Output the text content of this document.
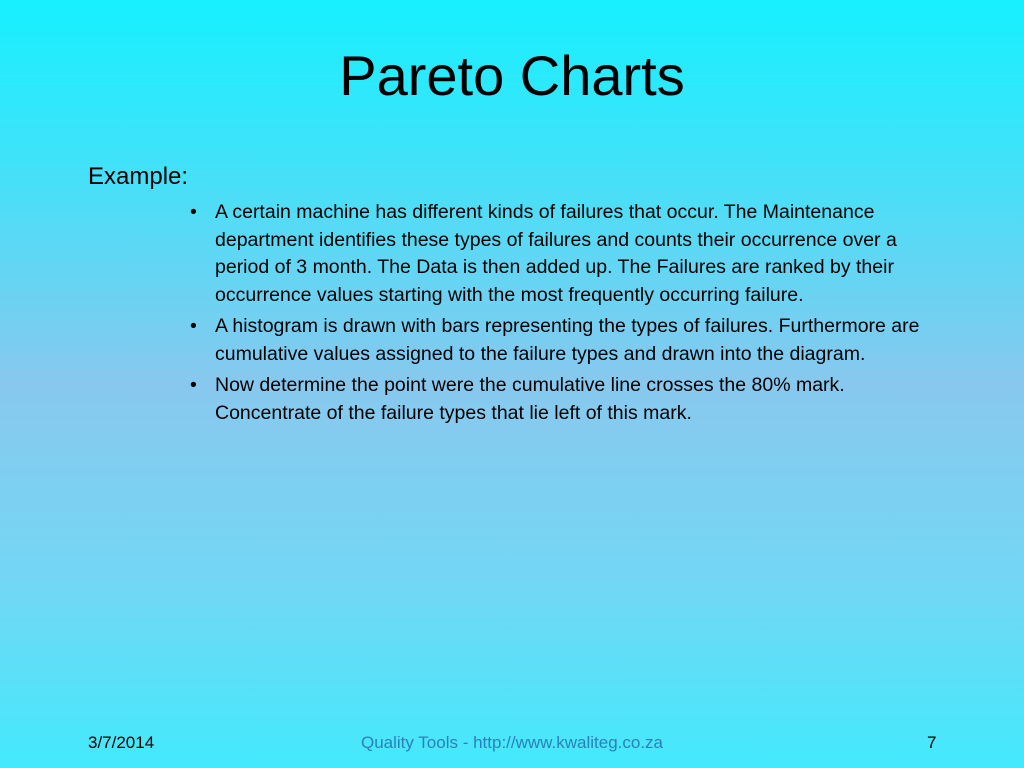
Pareto Charts
Example:
• A certain machine has different kinds of failures that occur. The Maintenance department identifies these types of failures and counts their occurrence over a period of 3 month. The Data is then added up. The Failures are ranked by their occurrence values starting with the most frequently occurring failure.
• A histogram is drawn with bars representing the types of failures. Furthermore are cumulative values assigned to the failure types and drawn into the diagram.
• Now determine the point were the cumulative line crosses the 80% mark. Concentrate of the failure types that lie left of this mark.
3/7/2014	Quality Tools - http://www.kwaliteg.co.za	7
